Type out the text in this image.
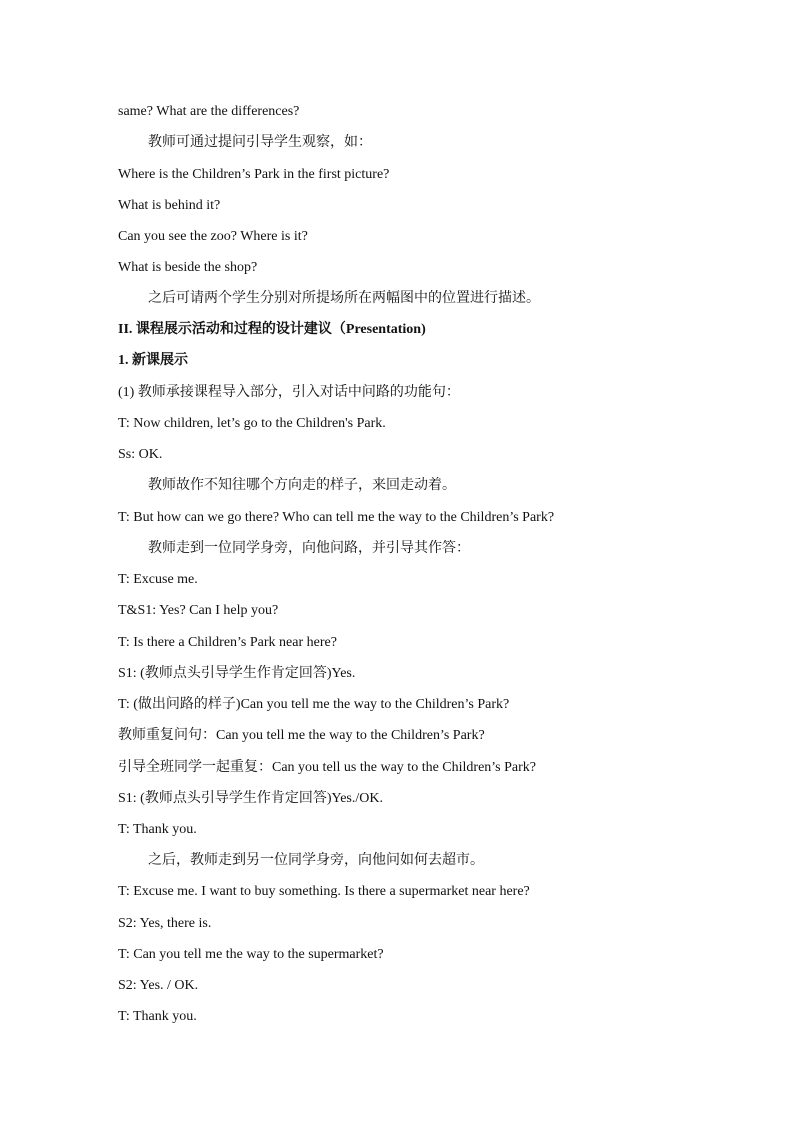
same? What are the differences?
教师可通过提问引导学生观察，如：
Where is the Children’s Park in the first picture?
What is behind it?
Can you see the zoo? Where is it?
What is beside the shop?
之后可请两个学生分别对所提场所在两幅图中的位置进行描述。
II. 课程展示活动和过程的设计建议（Presentation)
1. 新课展示
(1) 教师承接课程导入部分，引入对话中问路的功能句：
T: Now children, let’s go to the Children's Park.
Ss: OK.
教师故作不知往哪个方向走的样子，来回走动着。
T: But how can we go there? Who can tell me the way to the Children’s Park?
教师走到一位同学身旁，向他问路，并引导其作答：
T: Excuse me.
T&S1: Yes? Can I help you?
T: Is there a Children’s Park near here?
S1: (教师点头引导学生作肯定回答)Yes.
T: (做出问路的样子)Can you tell me the way to the Children’s Park?
教师重复问句：Can you tell me the way to the Children’s Park?
引导全班同学一起重复：Can you tell us the way to the Children’s Park?
S1: (教师点头引导学生作肯定回答)Yes./OK.
T: Thank you.
之后，教师走到另一位同学身旁，向他问如何去超市。
T: Excuse me. I want to buy something. Is there a supermarket near here?
S2: Yes, there is.
T: Can you tell me the way to the supermarket?
S2: Yes. / OK.
T: Thank you.
